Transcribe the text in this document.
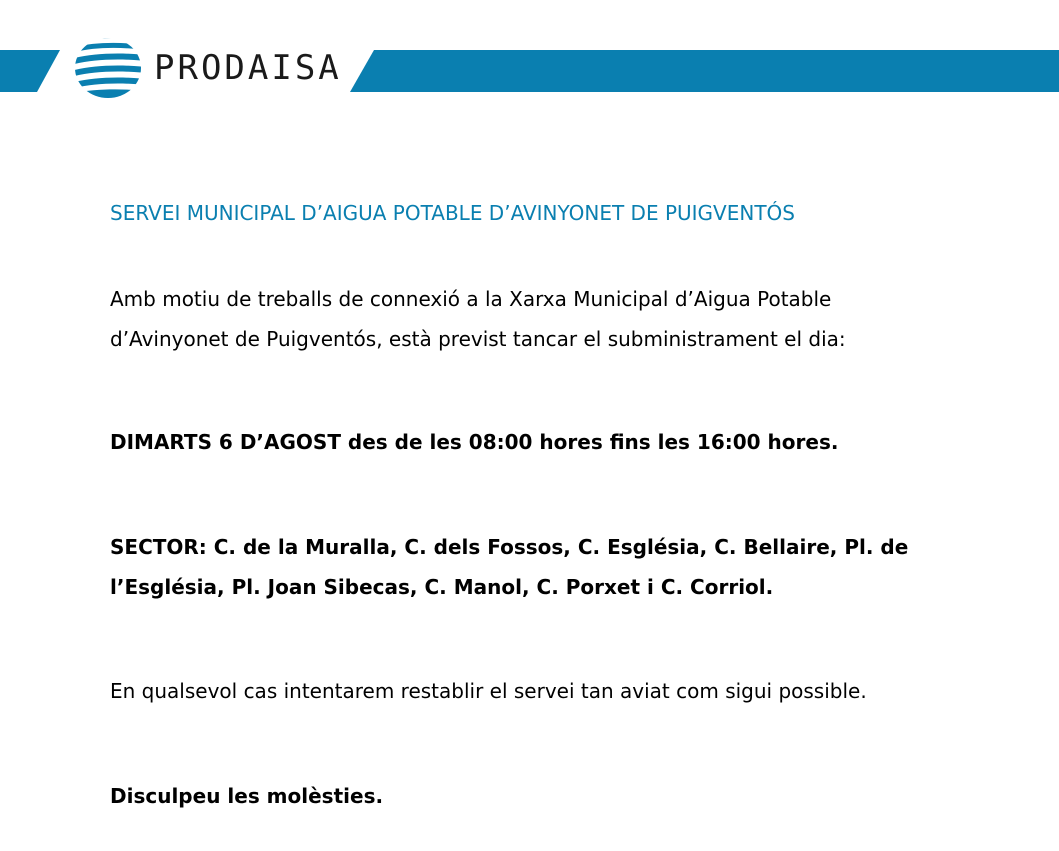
PRODAISA
SERVEI MUNICIPAL D’AIGUA POTABLE D’AVINYONET DE PUIGVENTÓS
Amb motiu de treballs de connexió a la Xarxa Municipal d’Aigua Potable
d’Avinyonet de Puigventós, està previst tancar el subministrament el dia:
DIMARTS 6 D’AGOST des de les 08:00 hores fins les 16:00 hores.
SECTOR: C. de la Muralla, C. dels Fossos, C. Església, C. Bellaire, Pl. de
l’Església, Pl. Joan Sibecas, C. Manol, C. Porxet i C. Corriol.
En qualsevol cas intentarem restablir el servei tan aviat com sigui possible.
Disculpeu les molèsties.
